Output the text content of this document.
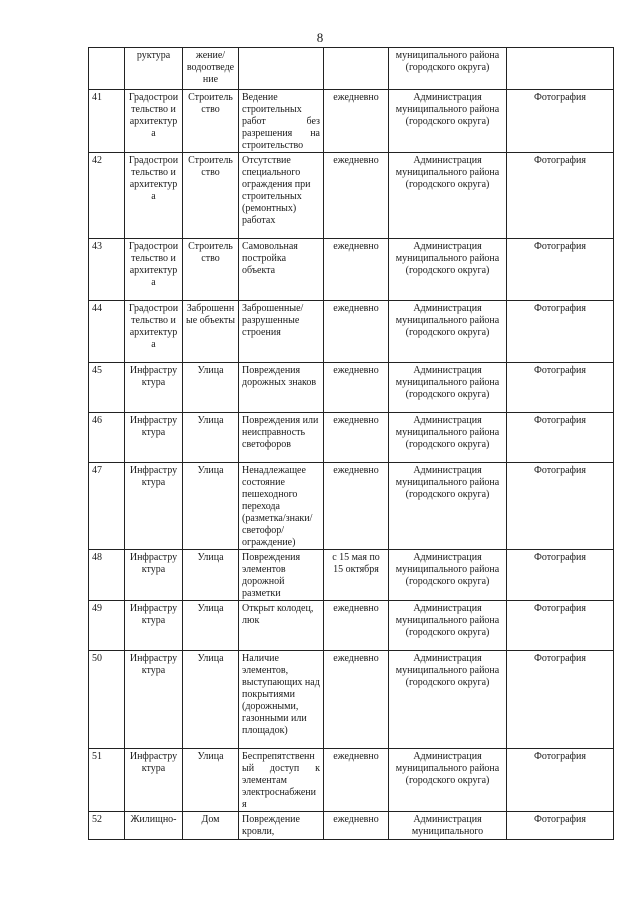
8
	руктура	жение/водоотведение			муниципального района (городского округа)	
41	Градостроительство и архитектура	Строительство	Ведение строительных работ без разрешения на строительство	ежедневно	Администрация муниципального района (городского округа)	Фотография
42	Градостроительство и архитектура	Строительство	Отсутствие специального ограждения при строительных (ремонтных) работах	ежедневно	Администрация муниципального района (городского округа)	Фотография
43	Градостроительство и архитектура	Строительство	Самовольная постройка объекта	ежедневно	Администрация муниципального района (городского округа)	Фотография
44	Градостроительство и архитектура	Заброшенные объекты	Заброшенные/разрушенные строения	ежедневно	Администрация муниципального района (городского округа)	Фотография
45	Инфраструктура	Улица	Повреждения дорожных знаков	ежедневно	Администрация муниципального района (городского округа)	Фотография
46	Инфраструктура	Улица	Повреждения или неисправность светофоров	ежедневно	Администрация муниципального района (городского округа)	Фотография
47	Инфраструктура	Улица	Ненадлежащее состояние пешеходного перехода (разметка/знаки/светофор/ограждение)	ежедневно	Администрация муниципального района (городского округа)	Фотография
48	Инфраструктура	Улица	Повреждения элементов дорожной разметки	с 15 мая по 15 октября	Администрация муниципального района (городского округа)	Фотография
49	Инфраструктура	Улица	Открыт колодец, люк	ежедневно	Администрация муниципального района (городского округа)	Фотография
50	Инфраструктура	Улица	Наличие элементов, выступающих над покрытиями (дорожными, газонными или площадок)	ежедневно	Администрация муниципального района (городского округа)	Фотография
51	Инфраструктура	Улица	Беспрепятственный доступ к элементам электроснабжения	ежедневно	Администрация муниципального района (городского округа)	Фотография
52	Жилищно-	Дом	Повреждение кровли,	ежедневно	Администрация муниципального	Фотография
